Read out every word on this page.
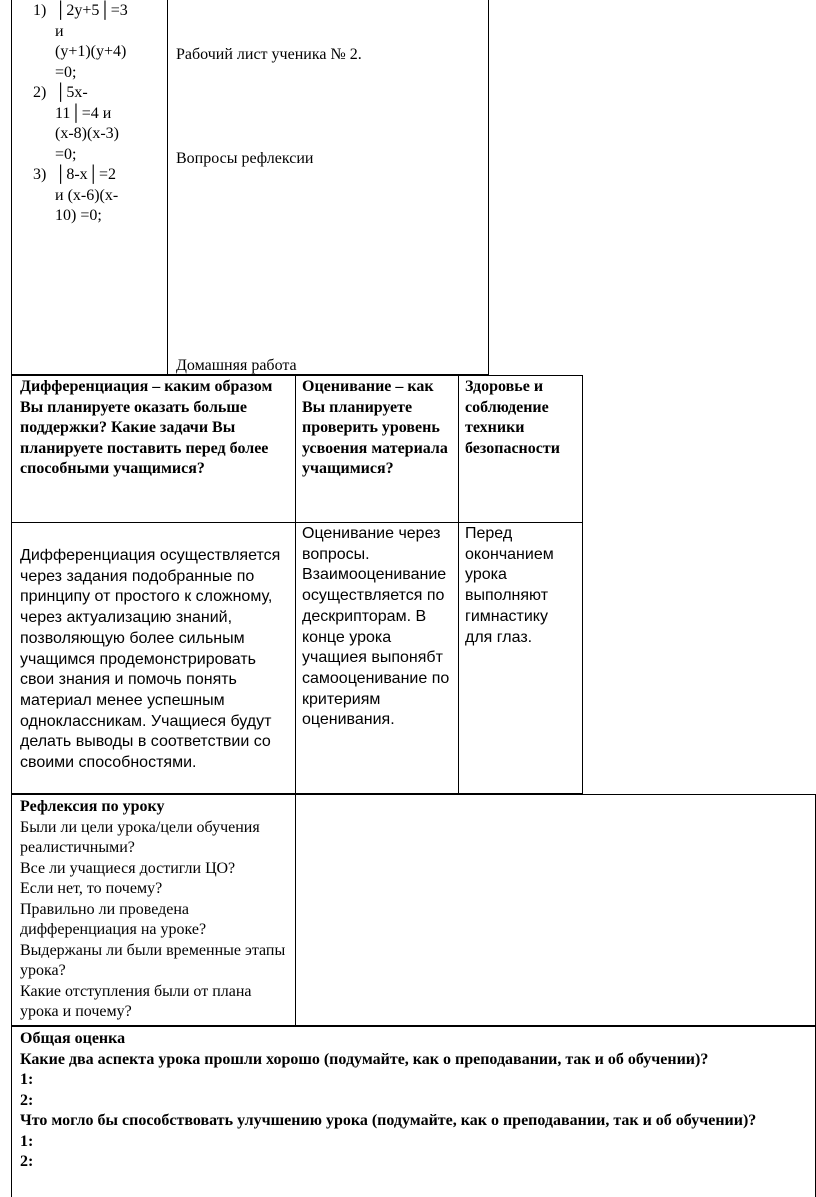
1) │2y+5│=3

и

(y+1)(y+4)

=0;

2) │5x-

11│=4 и

(x-8)(x-3)

=0;

3) │8-x│=2

и (x-6)(x-

10) =0;

Рабочий лист ученика № 2.
Вопросы рефлексии
Домашняя работа
Дифференциация – каким образом Вы планируете оказать больше поддержки? Какие задачи Вы планируете поставить перед более способными учащимися?
Оценивание – как Вы планируете проверить уровень усвоения материала учащимися?
Здоровье и соблюдение техники безопасности
Дифференциация осуществляется через задания подобранные по принципу от простого к сложному, через актуализацию знаний, позволяющую более сильным учащимся продемонстрировать свои знания и помочь понять материал менее успешным одноклассникам. Учащиеся будут делать выводы в соответствии со своими способностями.
Оценивание через вопросы. Взаимооценивание осуществляется по дескрипторам. В конце урока учащиея выпонябт самооценивание по критериям оценивания.
Перед окончанием урока выполняют гимнастику для глаз.

Рефлексия по уроку

Были ли цели урока/цели обучения реалистичными?

Все ли учащиеся достигли ЦО?

Если нет, то почему?

Правильно ли проведена дифференциация на уроке?

Выдержаны ли были временные этапы урока?

Какие отступления были от плана урока и почему?

Общая оценка

Какие два аспекта урока прошли хорошо (подумайте, как о преподавании, так и об обучении)?

1:

2:

Что могло бы способствовать улучшению урока (подумайте, как о преподавании, так и об обучении)?

1:

2:
